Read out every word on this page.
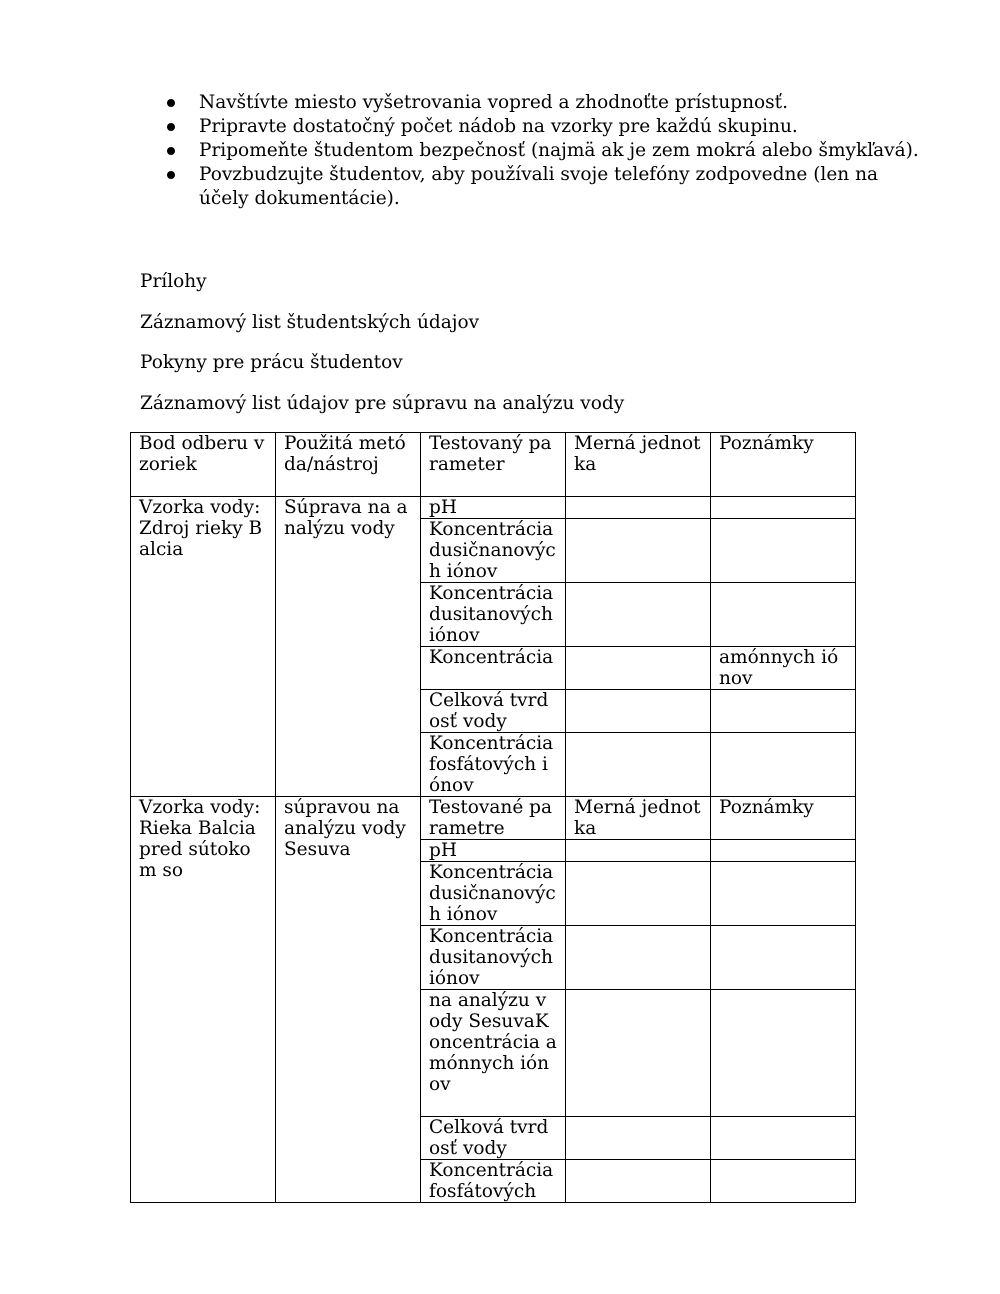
Navštívte miesto vyšetrovania vopred a zhodnoťte prístupnosť.
Pripravte dostatočný počet nádob na vzorky pre každú skupinu.
Pripomeňte študentom bezpečnosť (najmä ak je zem mokrá alebo šmykľavá).
Povzbudzujte študentov, aby používali svoje telefóny zodpovedne (len na účely dokumentácie).

Prílohy

Záznamový list študentských údajov

Pokyny pre prácu študentov

Záznamový list údajov pre súpravu na analýzu vody

Bod odberu vzoriek	Použitá metóda/nástroj	Testovaný parameter	Merná jednotka	Poznámky
Vzorka vody: Zdroj rieky Balcia	Súprava na analýzu vody	pH		
		Koncentrácia dusičnanových iónov		
		Koncentrácia dusitanových iónov		
		Koncentrácia		amónnych iónov
		Celková tvrdosť vody		
		Koncentrácia fosfátových iónov		
Vzorka vody: Rieka Balcia pred sútokom so	súpravou na analýzu vody Sesuva	Testované parametre	Merná jednotka	Poznámky
		pH		
		Koncentrácia dusičnanových iónov		
		Koncentrácia dusitanových iónov		
		na analýzu vody SesuvaKoncentrácia amónnych iónov		
		Celková tvrdosť vody		
		Koncentrácia fosfátových		
